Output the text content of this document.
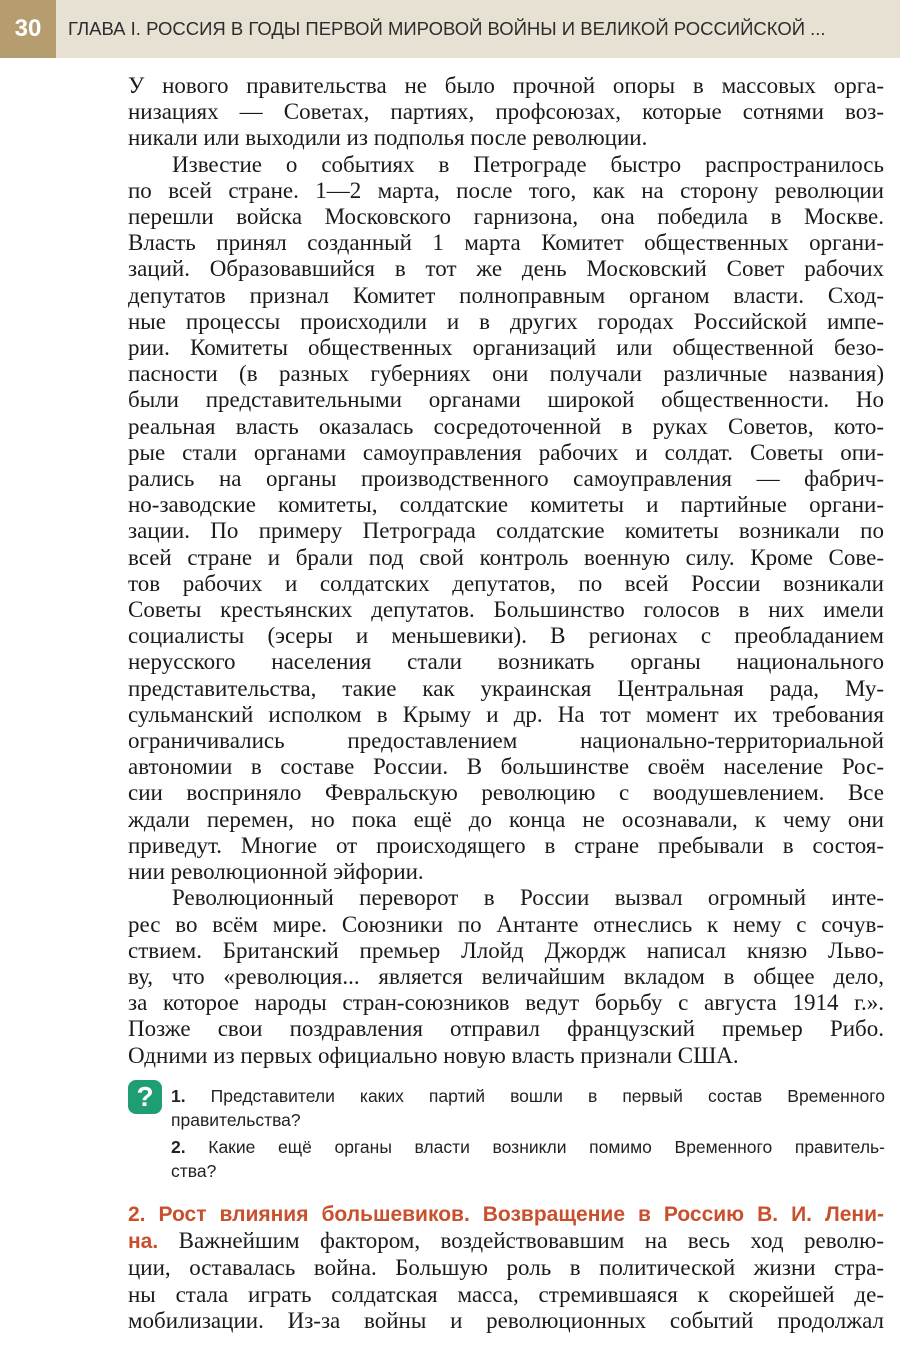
30	ГЛАВА I. РОССИЯ В ГОДЫ ПЕРВОЙ МИРОВОЙ ВОЙНЫ И ВЕЛИКОЙ РОССИЙСКОЙ ...
У нового правительства не было прочной опоры в массовых орга-
низациях — Советах, партиях, профсоюзах, которые сотнями воз-
никали или выходили из подполья после революции.
Известие о событиях в Петрограде быстро распространилось
по всей стране. 1—2 марта, после того, как на сторону революции
перешли войска Московского гарнизона, она победила в Москве.
Власть принял созданный 1 марта Комитет общественных органи-
заций. Образовавшийся в тот же день Московский Совет рабочих
депутатов признал Комитет полноправным органом власти. Сход-
ные процессы происходили и в других городах Российской импе-
рии. Комитеты общественных организаций или общественной безо-
пасности (в разных губерниях они получали различные названия)
были представительными органами широкой общественности. Но
реальная власть оказалась сосредоточенной в руках Советов, кото-
рые стали органами самоуправления рабочих и солдат. Советы опи-
рались на органы производственного самоуправления — фабрич-
но-заводские комитеты, солдатские комитеты и партийные органи-
зации. По примеру Петрограда солдатские комитеты возникали по
всей стране и брали под свой контроль военную силу. Кроме Сове-
тов рабочих и солдатских депутатов, по всей России возникали
Советы крестьянских депутатов. Большинство голосов в них имели
социалисты (эсеры и меньшевики). В регионах с преобладанием
нерусского населения стали возникать органы национального
представительства, такие как украинская Центральная рада, Му-
сульманский исполком в Крыму и др. На тот момент их требования
ограничивались предоставлением национально-территориальной
автономии в составе России. В большинстве своём население Рос-
сии восприняло Февральскую революцию с воодушевлением. Все
ждали перемен, но пока ещё до конца не осознавали, к чему они
приведут. Многие от происходящего в стране пребывали в состоя-
нии революционной эйфории.
Революционный переворот в России вызвал огромный инте-
рес во всём мире. Союзники по Антанте отнеслись к нему с сочув-
ствием. Британский премьер Ллойд Джордж написал князю Льво-
ву, что «революция... является величайшим вкладом в общее дело,
за которое народы стран-союзников ведут борьбу с августа 1914 г.».
Позже свои поздравления отправил французский премьер Рибо.
Одними из первых официально новую власть признали США.
? 1. Представители каких партий вошли в первый состав Временного
правительства?
2. Какие ещё органы власти возникли помимо Временного правитель-
ства?
2. Рост влияния большевиков. Возвращение в Россию В. И. Лени-
на. Важнейшим фактором, воздействовавшим на весь ход револю-
ции, оставалась война. Большую роль в политической жизни стра-
ны стала играть солдатская масса, стремившаяся к скорейшей де-
мобилизации. Из-за войны и революционных событий продолжал
